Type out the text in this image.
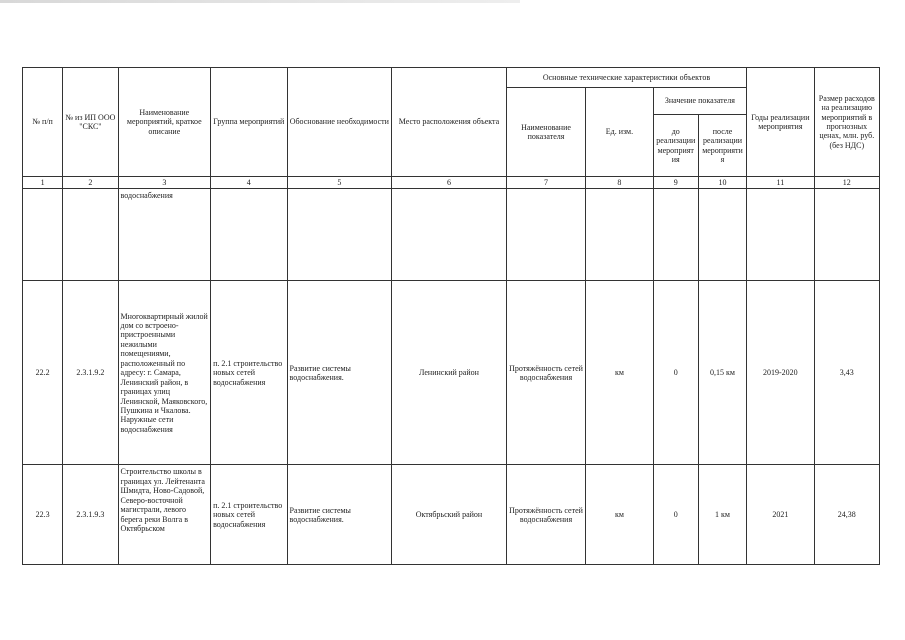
№ п/п	№ из ИП ООО "СКС"	Наименование мероприятий, краткое описание	Группа мероприятий	Обоснование необходимости	Место расположения объекта	Основные технические характеристики объектов				Годы реализации мероприятия	Размер расходов на реализацию мероприятий в прогнозных ценах, млн. руб. (без НДС)
						Наименование показателя	Ед. изм.	Значение показателя			
								до реализации мероприятия	после реализации мероприятия		
1	2	3	4	5	6	7	8	9	10	11	12
		водоснабжения									
22.2	2.3.1.9.2	Многоквартирный жилой дом со встроено-пристроенными нежилыми помещениями, расположенный по адресу: г. Самара, Ленинский район, в границах улиц Ленинской, Маяковского, Пушкина и Чкалова. Наружные сети водоснабжения	п. 2.1 строительство новых сетей водоснабжения	Развитие системы водоснабжения.	Ленинский район	Протяжённость сетей водоснабжения	км	0	0,15 км	2019-2020	3,43
22.3	2.3.1.9.3	Строительство школы в границах ул. Лейтенанта Шмидта, Ново-Садовой, Северо-восточной магистрали, левого берега реки Волга в Октябрьском	п. 2.1 строительство новых сетей водоснабжения	Развитие системы водоснабжения.	Октябрьский район	Протяжённость сетей водоснабжения	км	0	1 км	2021	24,38
